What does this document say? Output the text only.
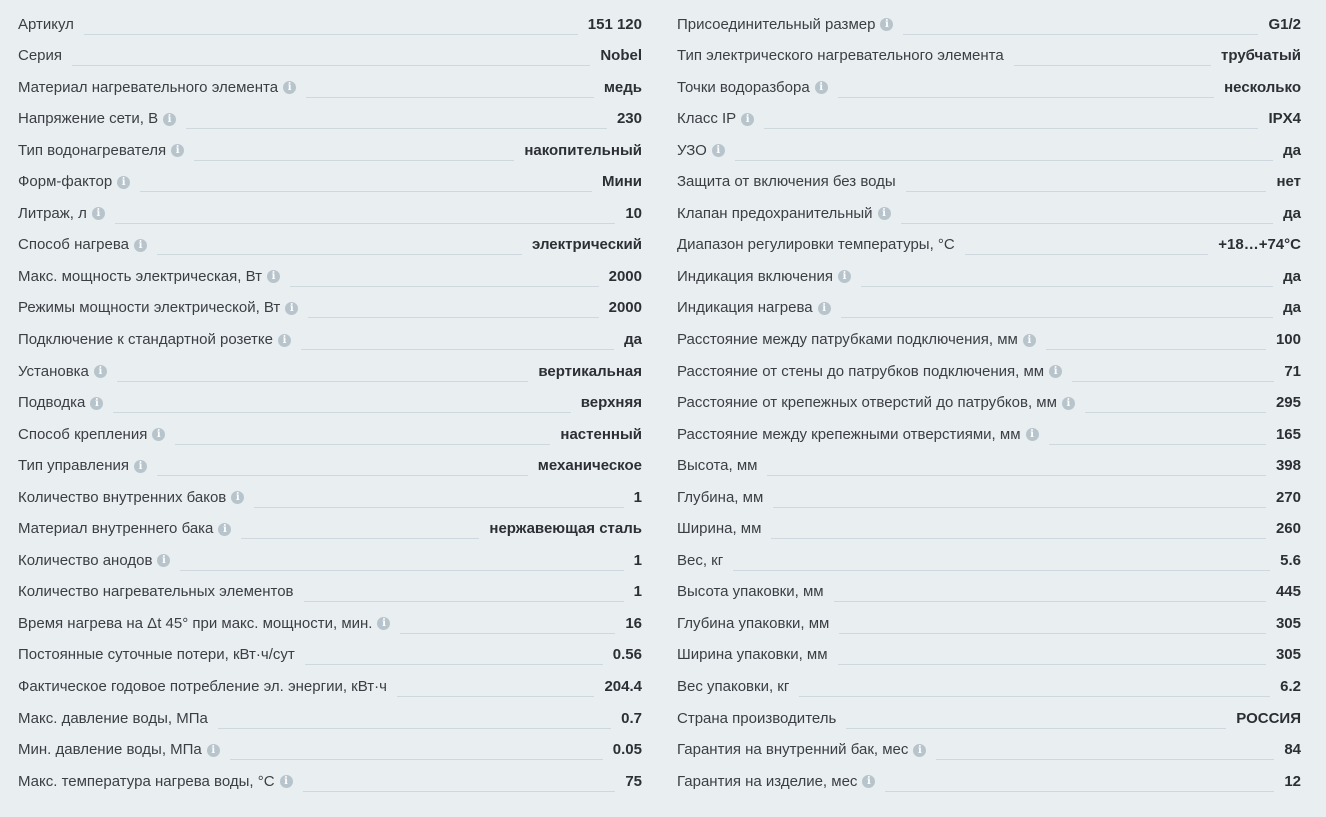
Артикул	151 120
Серия	Nobel
Материал нагревательного элемента i	медь
Напряжение сети, В i	230
Тип водонагревателя i	накопительный
Форм-фактор i	Мини
Литраж, л i	10
Способ нагрева i	электрический
Макс. мощность электрическая, Вт i	2000
Режимы мощности электрической, Вт i	2000
Подключение к стандартной розетке i	да
Установка i	вертикальная
Подводка i	верхняя
Способ крепления i	настенный
Тип управления i	механическое
Количество внутренних баков i	1
Материал внутреннего бака i	нержавеющая сталь
Количество анодов i	1
Количество нагревательных элементов	1
Время нагрева на Δt 45° при макс. мощности, мин. i	16
Постоянные суточные потери, кВт·ч/сут	0.56
Фактическое годовое потребление эл. энергии, кВт·ч	204.4
Макс. давление воды, МПа	0.7
Мин. давление воды, МПа i	0.05
Макс. температура нагрева воды, °С i	75
Присоединительный размер i	G1/2
Тип электрического нагревательного элемента	трубчатый
Точки водоразбора i	несколько
Класс IP i	IPX4
УЗО i	да
Защита от включения без воды	нет
Клапан предохранительный i	да
Диапазон регулировки температуры, °С	+18…+74°С
Индикация включения i	да
Индикация нагрева i	да
Расстояние между патрубками подключения, мм i	100
Расстояние от стены до патрубков подключения, мм i	71
Расстояние от крепежных отверстий до патрубков, мм i	295
Расстояние между крепежными отверстиями, мм i	165
Высота, мм	398
Глубина, мм	270
Ширина, мм	260
Вес, кг	5.6
Высота упаковки, мм	445
Глубина упаковки, мм	305
Ширина упаковки, мм	305
Вес упаковки, кг	6.2
Страна производитель	РОССИЯ
Гарантия на внутренний бак, мес i	84
Гарантия на изделие, мес i	12
